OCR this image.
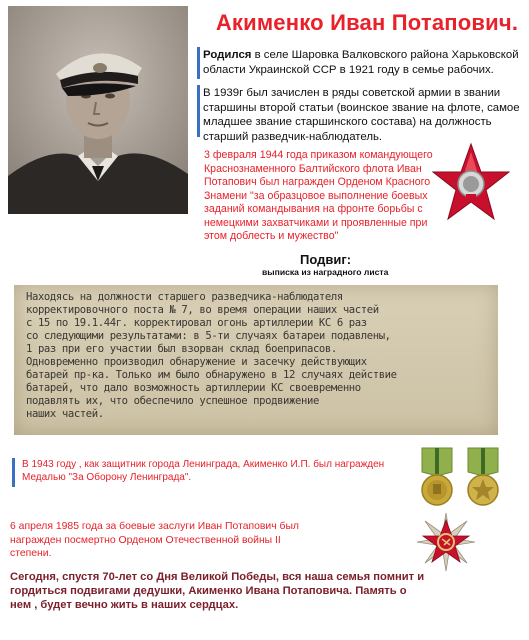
Акименко Иван Потапович.

Родился в селе Шаровка Валковского района Харьковской области Украинской ССР в 1921 году в семье рабочих.

В 1939г был зачислен в ряды советской армии в звании старшины второй статьи (воинское звание на флоте, самое младшее звание старшинского состава) на должность старший разведчик-наблюдатель.
3 февраля 1944 года приказом командующего Краснознаменного Балтийского флота Иван Потапович был награжден Орденом Красного Знамени "за образцовое выполнение боевых заданий командывания на фронте борьбы с немецкими захватчиками и проявленные при этом доблесть и мужество"
Подвиг:
выписка из наградного листа

Находясь на должности старшего разведчика-наблюдателя

корректировочного поста № 7, во время операции наших частей

с 15 по 19.1.44г. корректировал огонь артиллерии КС 6 раз

со следующими результатами: в 5-ти случаях батареи подавлены,

1 раз при его участии был взорван склад боеприпасов.

Одновременно производил обнаружение и засечку действующих

батарей пр-ка. Только им было обнаружено в 12 случаях действие

батарей, что дало возможность артиллерии КС своевременно

подавлять их, что обеспечило успешное продвижение

наших частей.

В 1943 году , как защитник города Ленинграда, Акименко И.П. был награжден Медалью "За Оборону Ленинграда".
6 апреля 1985 года за боевые заслуги Иван Потапович был награжден посмертно Орденом Отечественной войны II степени.
Сегодня, спустя 70-лет со Дня Великой Победы, вся наша семья помнит и гордиться подвигами дедушки, Акименко Ивана Потаповича. Память о нем , будет вечно жить в наших сердцах.
